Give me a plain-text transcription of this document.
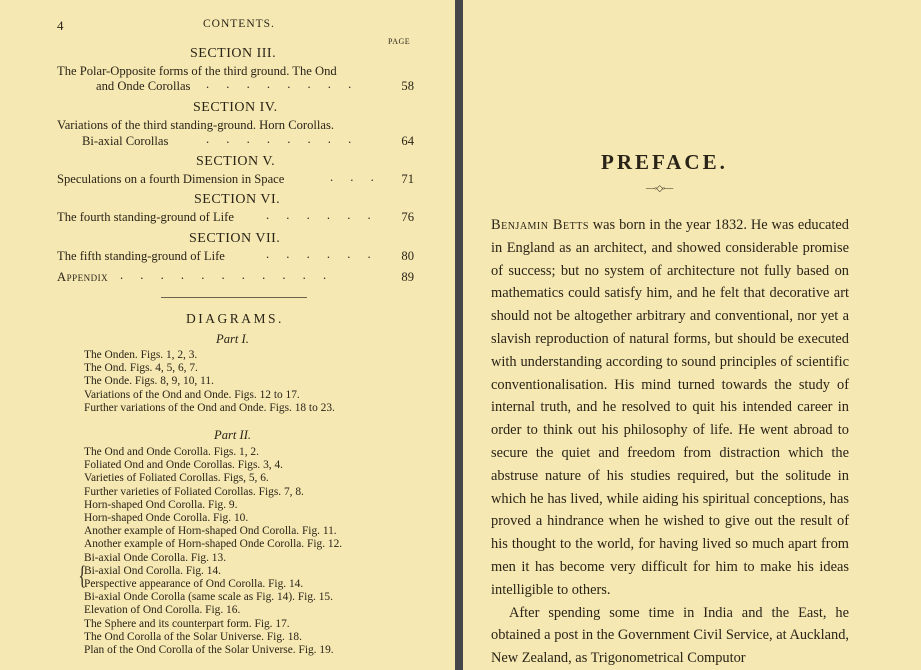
4	CONTENTS.
PAGE
SECTION III.
The Polar-Opposite forms of the third ground. The Ond
and Onde Corollas . . . . . . . .	58
SECTION IV.
Variations of the third standing-ground. Horn Corollas.
Bi-axial Corollas	. . . . . . . .	64
SECTION V.
Speculations on a fourth Dimension in Space	. . .	71
SECTION VI.
The fourth standing-ground of Life	. . . . . .	76
SECTION VII.
The fifth standing-ground of Life	. . . . . .	80
Appendix . . . . . . . . . . .	89
DIAGRAMS.
Part I.
The Onden. Figs. 1, 2, 3.
The Ond. Figs. 4, 5, 6, 7.
The Onde. Figs. 8, 9, 10, 11.
Variations of the Ond and Onde. Figs. 12 to 17.
Further variations of the Ond and Onde. Figs. 18 to 23.
Part II.
The Ond and Onde Corolla. Figs. 1, 2.
Foliated Ond and Onde Corollas. Figs. 3, 4.
Varieties of Foliated Corollas. Figs, 5, 6.
Further varieties of Foliated Corollas. Figs. 7, 8.
Horn-shaped Ond Corolla. Fig. 9.
Horn-shaped Onde Corolla. Fig. 10.
Another example of Horn-shaped Ond Corolla. Fig. 11.
Another example of Horn-shaped Onde Corolla. Fig. 12.
Bi-axial Onde Corolla. Fig. 13.
Bi-axial Ond Corolla. Fig. 14.
Perspective appearance of Ond Corolla. Fig. 14.
Bi-axial Onde Corolla (same scale as Fig. 14). Fig. 15.
Elevation of Ond Corolla. Fig. 16.
The Sphere and its counterpart form. Fig. 17.
The Ond Corolla of the Solar Universe. Fig. 18.
Plan of the Ond Corolla of the Solar Universe. Fig. 19.
{
PREFACE.
—◦◇◦—

Benjamin Betts was born in the year 1832. He was educated in England as an architect, and showed considerable promise of success; but no system of architecture not fully based on mathematics could satisfy him, and he felt that decorative art should not be altogether arbitrary and conventional, nor yet a slavish reproduction of natural forms, but should be executed with understanding according to sound principles of scientific conventionalisation. His mind turned towards the study of internal truth, and he resolved to quit his intended career in order to think out his philosophy of life. He went abroad to secure the quiet and freedom from distraction which the abstruse nature of his studies required, but the solitude in which he has lived, while aiding his spiritual conceptions, has proved a hindrance when he wished to give out the result of his thought to the world, for having lived so much apart from men it has become very difficult for him to make his ideas intelligible to others.

After spending some time in India and the East, he obtained a post in the Government Civil Service, at Auckland, New Zealand, as Trigonometrical Computor
